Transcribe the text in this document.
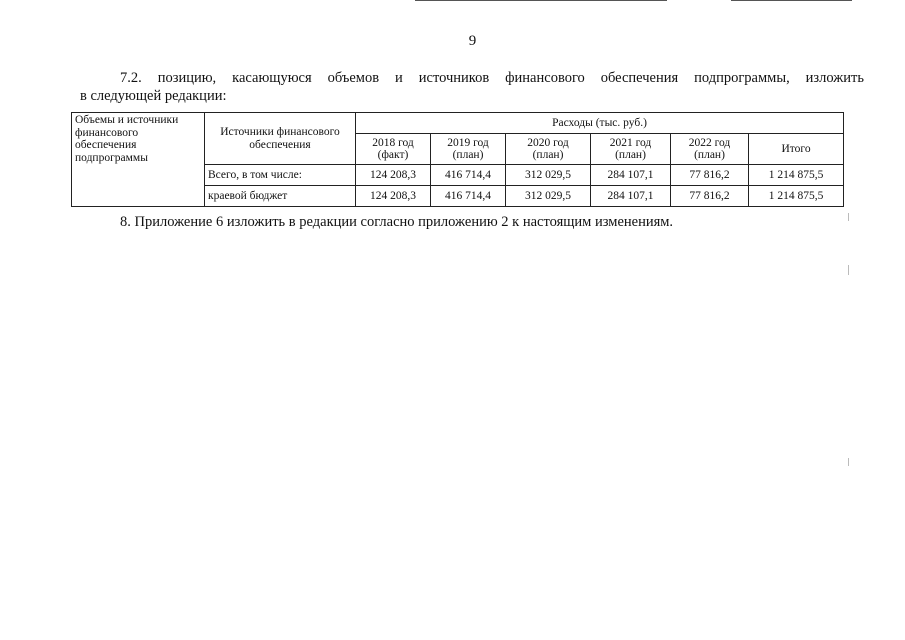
9
7.2. позицию, касающуюся объемов и источников финансового обеспечения подпрограммы, изложить
в следующей редакции:
Объемы и источники финансового обеспечения подпрограммы	Источники финансового обеспечения	Расходы (тыс. руб.)					
		2018 год
(факт)	2019 год
(план)	2020 год
(план)	2021 год
(план)	2022 год
(план)	Итого
	Всего, в том числе:	124 208,3	416 714,4	312 029,5	284 107,1	77 816,2	1 214 875,5
	краевой бюджет	124 208,3	416 714,4	312 029,5	284 107,1	77 816,2	1 214 875,5
8. Приложение 6 изложить в редакции согласно приложению 2 к настоящим изменениям.
